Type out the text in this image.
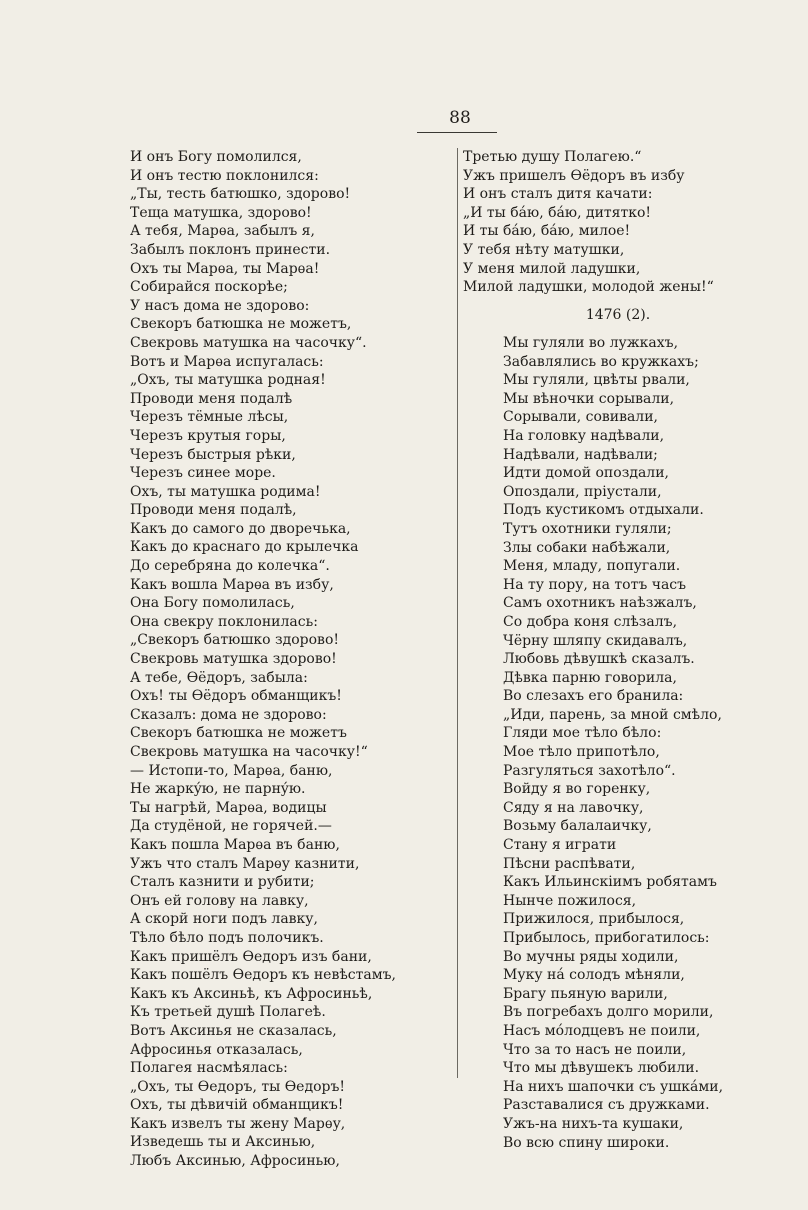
88
И онъ Богу помолился,
И онъ тестю поклонился:
„Ты, тесть батюшко, здорово!
Теща матушка, здорово!
А тебя, Марѳа, забылъ я,
Забылъ поклонъ принести.
Охъ ты Марѳа, ты Марѳа!
Собирайся поскорѣе;
У насъ дома не здорово:
Свекоръ батюшка не можетъ,
Свекровь матушка на часочку“.
Вотъ и Марѳа испугалась:
„Охъ, ты матушка родная!
Проводи меня подалѣ
Черезъ тёмные лѣсы,
Черезъ крутыя горы,
Черезъ быстрыя рѣки,
Черезъ синее море.
Охъ, ты матушка родима!
Проводи меня подалѣ,
Какъ до самого до дворечька,
Какъ до краснаго до крылечка
До серебряна до колечка“.
Какъ вошла Марѳа въ избу,
Она Богу помолилась,
Она свекру поклонилась:
„Свекоръ батюшко здорово!
Свекровь матушка здорово!
А тебе, Ѳёдоръ, забыла:
Охъ! ты Ѳёдоръ обманщикъ!
Сказалъ: дома не здорово:
Свекоръ батюшка не можетъ
Свекровь матушка на часочку!“
— Истопи-то, Марѳа, баню,
Не жаркýю, не парнýю.
Ты нагрѣй, Марѳа, водицы
Да студёной, не горячей.—
Какъ пошла Марѳа въ баню,
Ужъ что сталъ Марѳу казнити,
Сталъ казнити и рубити;
Онъ ей голову на лавку,
А скорй ноги подъ лавку,
Тѣло бѣло подъ полочикъ.
Какъ пришёлъ Ѳедоръ изъ бани,
Какъ пошёлъ Ѳедоръ къ невѣстамъ,
Какъ къ Аксиньѣ, къ Афросиньѣ,
Къ третьей душѣ Полагеѣ.
Вотъ Аксинья не сказалась,
Афросинья отказалась,
Полагея насмѣялась:
„Охъ, ты Ѳедоръ, ты Ѳедоръ!
Охъ, ты дѣвичій обманщикъ!
Какъ извелъ ты жену Марѳу,
Изведешь ты и Аксинью,
Любъ Аксинью, Афросинью,
Третью душу Полагею.“
Ужъ пришелъ Ѳёдоръ въ избу
И онъ сталъ дитя качати:
„И ты бáю, бáю, дитятко!
И ты бáю, бáю, милое!
У тебя нѣту матушки,
У меня милой ладушки,
Милой ладушки, молодой жены!“
1476 (2).
Мы гуляли во лужкахъ,
Забавлялись во кружкахъ;
Мы гуляли, цвѣты рвали,
Мы вѣночки сорывали,
Сорывали, совивали,
На головку надѣвали,
Надѣвали, надѣвали;
Идти домой опоздали,
Опоздали, пріустали,
Подъ кустикомъ отдыхали.
Тутъ охотники гуляли;
Злы собаки набѣжали,
Меня, младу, попугали.
На ту пору, на тотъ часъ
Самъ охотникъ наѣзжалъ,
Со добра коня слѣзалъ,
Чёрну шляпу скидавалъ,
Любовь дѣвушкѣ сказалъ.
Дѣвка парню говорила,
Во слезахъ его бранила:
„Иди, парень, за мной смѣло,
Гляди мое тѣло бѣло:
Мое тѣло припотѣло,
Разгуляться захотѣло“.
Войду я во горенку,
Сяду я на лавочку,
Возьму балалаичку,
Стану я играти
Пѣсни распѣвати,
Какъ Ильинскіимъ робятамъ
Нынче пожилося,
Прижилося, прибылося,
Прибылось, прибогатилось:
Во мучны ряды ходили,
Муку нá солодъ мѣняли,
Брагу пьяную варили,
Въ погребахъ долго морили,
Насъ мóлодцевъ не поили,
Что за то насъ не поили,
Что мы дѣвушекъ любили.
На нихъ шапочки съ ушкáми,
Разставалися съ дружками.
Ужъ-на нихъ-та кушаки,
Во всю спину широки.
